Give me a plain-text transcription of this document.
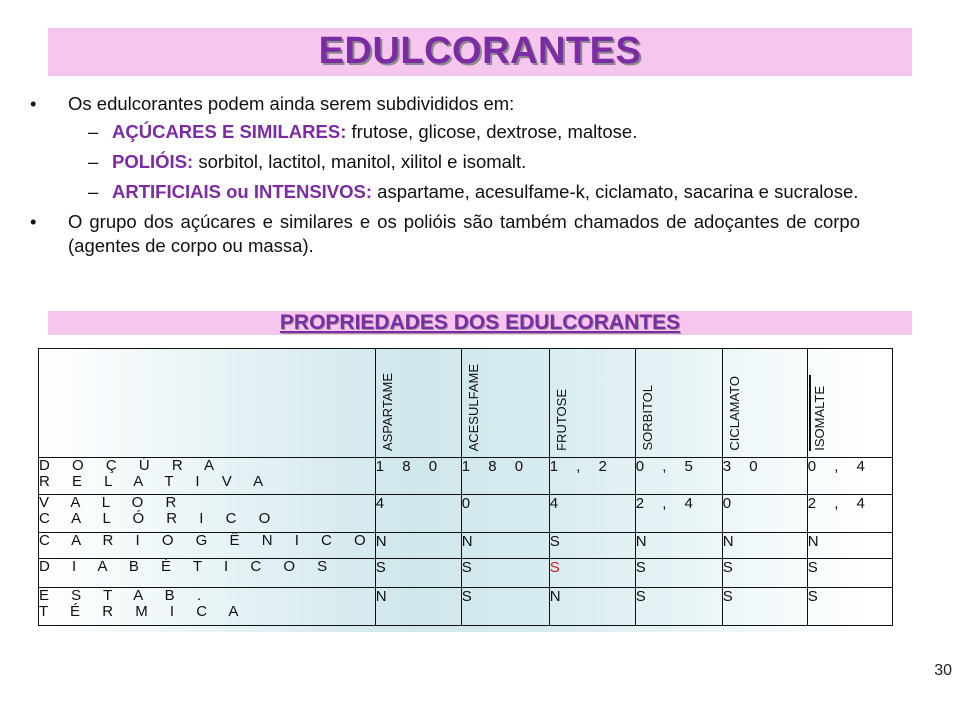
EDULCORANTES
• Os edulcorantes podem ainda serem subdivididos em:
– AÇÚCARES E SIMILARES: frutose, glicose, dextrose, maltose.
– POLIÓIS: sorbitol, lactitol, manitol, xilitol e isomalt.
– ARTIFICIAIS ou INTENSIVOS: aspartame, acesulfame-k, ciclamato, sacarina e sucralose.
• O grupo dos açúcares e similares e os polióis são também chamados de adoçantes de corpo (agentes de corpo ou massa).
PROPRIEDADES DOS EDULCORANTES

	ASPARTAME	ACESULFAME	FRUTOSE	SORBITOL	CICLAMATO	ISOMALTE

D O Ç Ú R A
R E L A T I V A	1 8 0	1 8 0	1 , 2	0 , 5	3 0	0 , 4
V A L O R
C A L Ó R I C O	4	0	4	2 , 4	0	2 , 4
C A R I O G Ê N I C O	N	N	S	N	N	N
D I A B É T I C O S	S	S	S	S	S	S
E S T A B .
T É R M I C A	N	S	N	S	S	S
30
